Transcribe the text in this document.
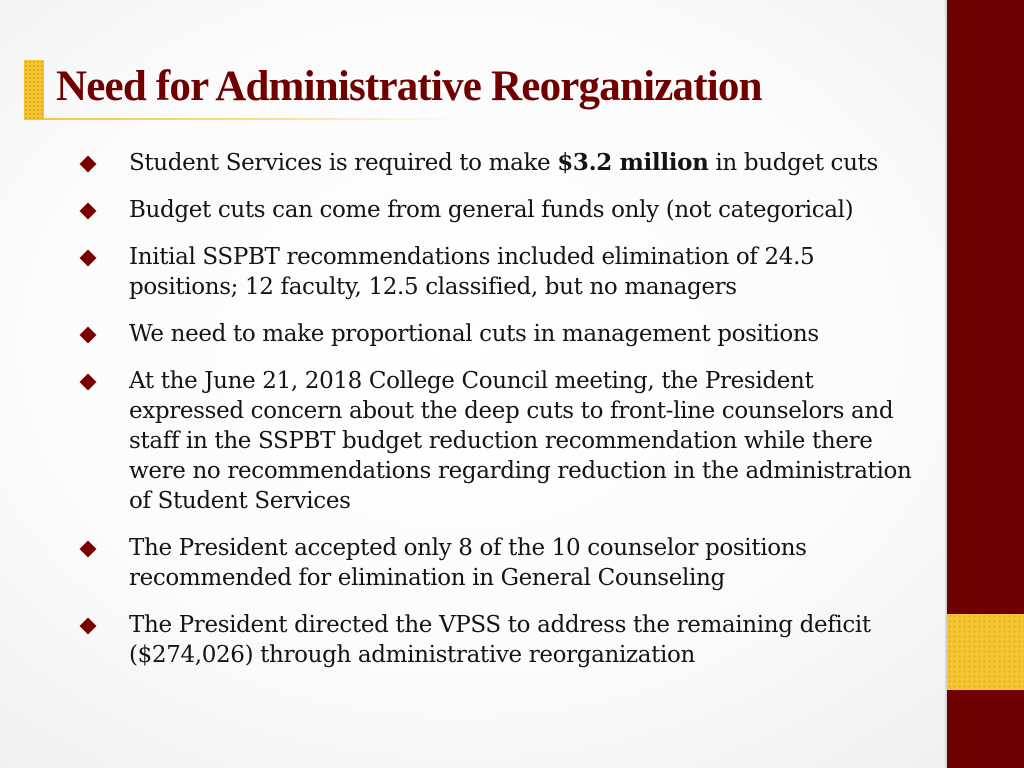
Need for Administrative Reorganization
Student Services is required to make $3.2 million in budget cuts
Budget cuts can come from general funds only (not categorical)
Initial SSPBT recommendations included elimination of 24.5 positions; 12 faculty, 12.5 classified, but no managers
We need to make proportional cuts in management positions
At the June 21, 2018 College Council meeting, the President expressed concern about the deep cuts to front-line counselors and staff in the SSPBT budget reduction recommendation while there were no recommendations regarding reduction in the administration of Student Services
The President accepted only 8 of the 10 counselor positions recommended for elimination in General Counseling
The President directed the VPSS to address the remaining deficit ($274,026) through administrative reorganization
